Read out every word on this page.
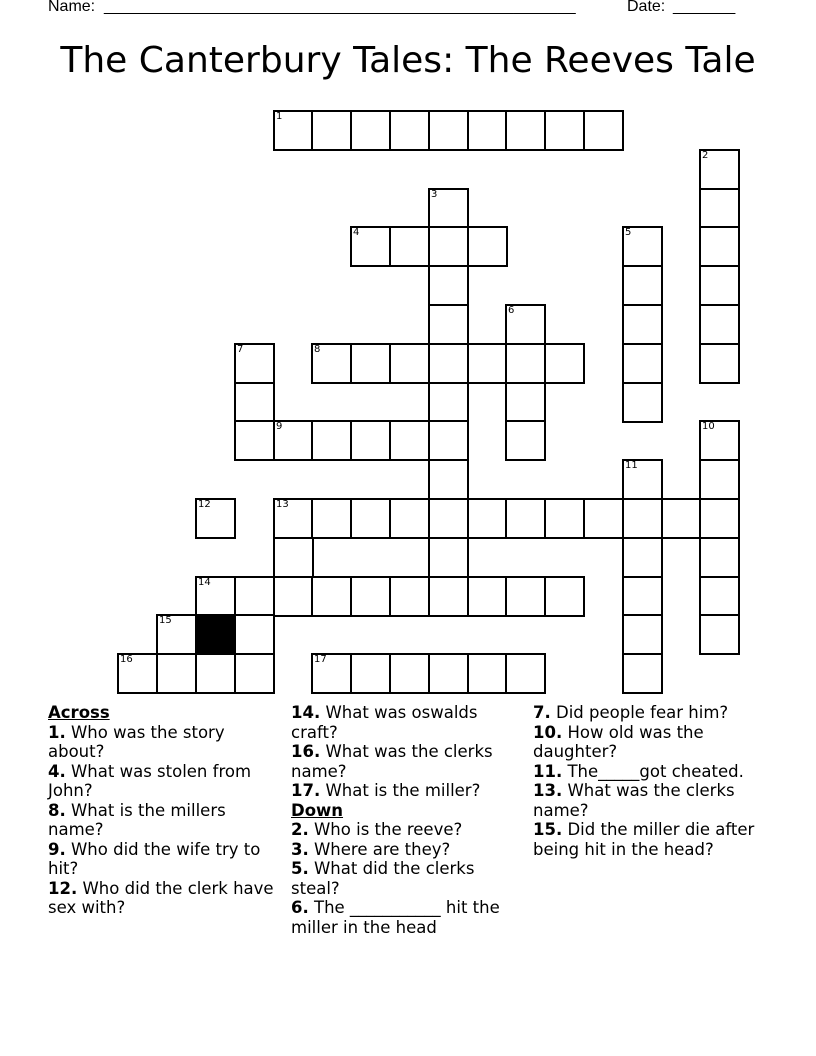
Name: _____________________________________________________	Date: _______
The Canterbury Tales: The Reeves Tale
1
2
3
4	5
6
7	8
9	10
11
12	13
14
15
16	17
Across
1. Who was the story about?
4. What was stolen from John?
8. What is the millers name?
9. Who did the wife try to hit?
12. Who did the clerk have sex with?
14. What was oswalds craft?
16. What was the clerks name?
17. What is the miller?
Down
2. Who is the reeve?
3. Where are they?
5. What did the clerks steal?
6. The ___________ hit the miller in the head
7. Did people fear him?
10. How old was the daughter?
11. The_____got cheated.
13. What was the clerks name?
15. Did the miller die after being hit in the head?
